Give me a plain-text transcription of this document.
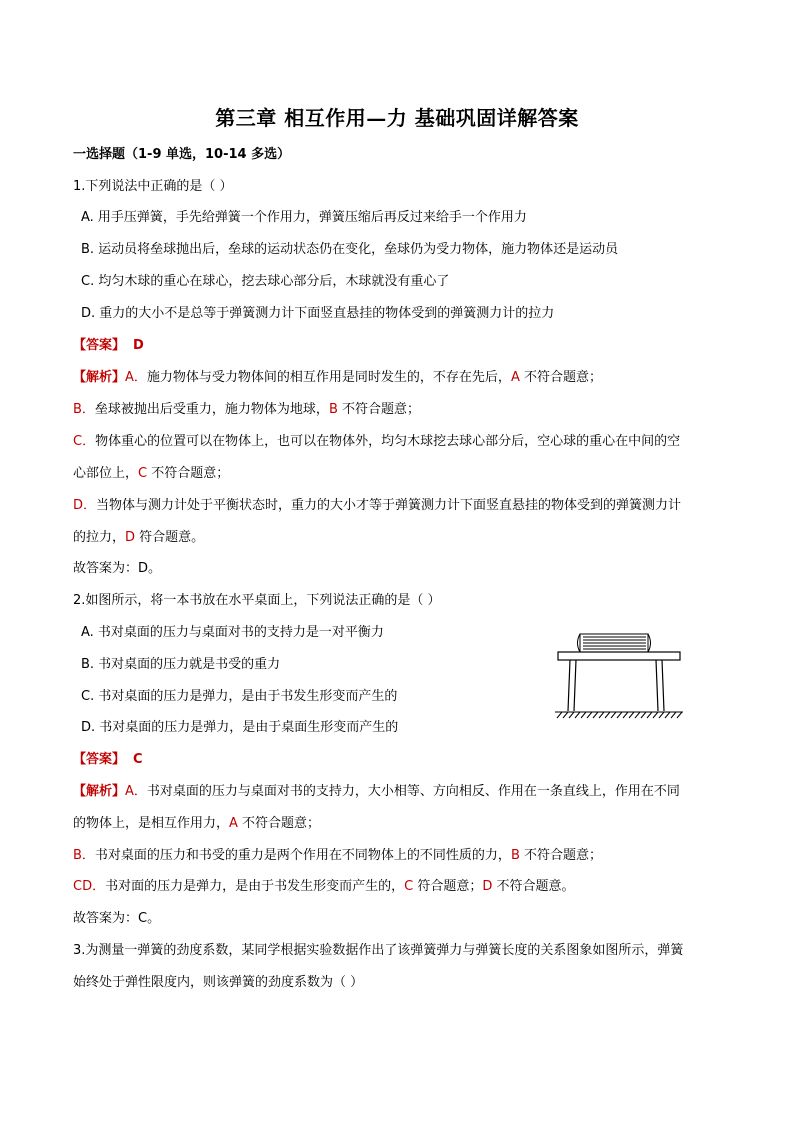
第三章 相互作用—力 基础巩固详解答案
一选择题（1-9 单选，10-14 多选）
1.下列说法中正确的是（ ）
A. 用手压弹簧，手先给弹簧一个作用力，弹簧压缩后再反过来给手一个作用力
B. 运动员将垒球抛出后，垒球的运动状态仍在变化，垒球仍为受力物体，施力物体还是运动员
C. 均匀木球的重心在球心，挖去球心部分后，木球就没有重心了
D. 重力的大小不是总等于弹簧测力计下面竖直悬挂的物体受到的弹簧测力计的拉力
【答案】 D
【解析】A．施力物体与受力物体间的相互作用是同时发生的，不存在先后，A 不符合题意；
B．垒球被抛出后受重力，施力物体为地球，B 不符合题意；
C．物体重心的位置可以在物体上，也可以在物体外，均匀木球挖去球心部分后，空心球的重心在中间的空
心部位上，C 不符合题意；
D．当物体与测力计处于平衡状态时，重力的大小才等于弹簧测力计下面竖直悬挂的物体受到的弹簧测力计
的拉力，D 符合题意。
故答案为：D。
2.如图所示，将一本书放在水平桌面上，下列说法正确的是（ ）
A. 书对桌面的压力与桌面对书的支持力是一对平衡力
B. 书对桌面的压力就是书受的重力
C. 书对桌面的压力是弹力，是由于书发生形变而产生的
D. 书对桌面的压力是弹力，是由于桌面生形变而产生的
【答案】 C
【解析】A．书对桌面的压力与桌面对书的支持力，大小相等、方向相反、作用在一条直线上，作用在不同
的物体上，是相互作用力，A 不符合题意；
B．书对桌面的压力和书受的重力是两个作用在不同物体上的不同性质的力，B 不符合题意；
CD．书对面的压力是弹力，是由于书发生形变而产生的，C 符合题意；D 不符合题意。
故答案为：C。
3.为测量一弹簧的劲度系数，某同学根据实验数据作出了该弹簧弹力与弹簧长度的关系图象如图所示，弹簧
始终处于弹性限度内，则该弹簧的劲度系数为（ ）
